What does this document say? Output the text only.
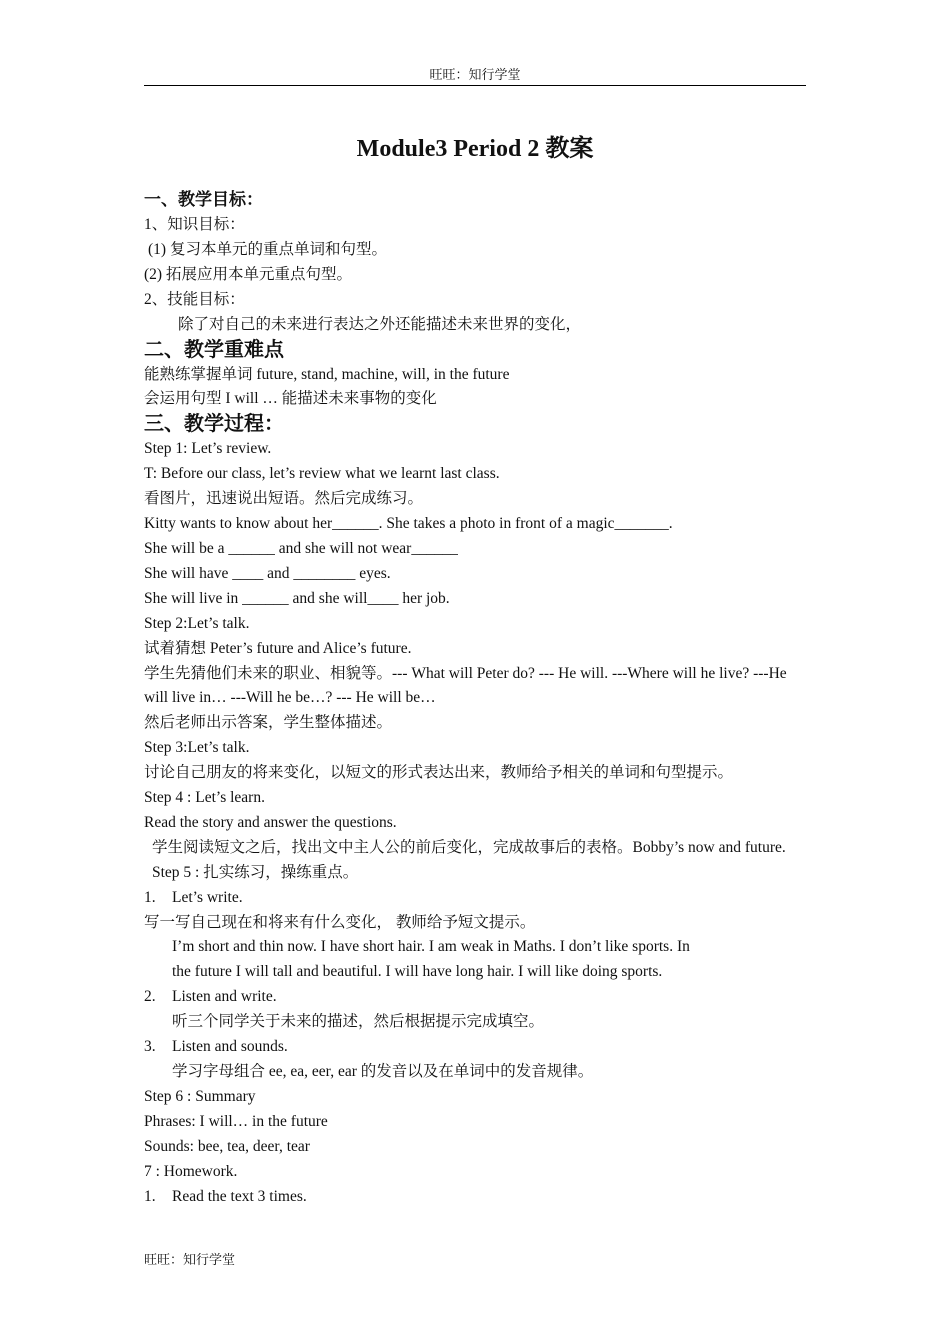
旺旺：知行学堂
Module3 Period 2 教案

一、教学目标：

1、知识目标：

(1) 复习本单元的重点单词和句型。

(2) 拓展应用本单元重点句型。

2、技能目标：

除了对自己的未来进行表达之外还能描述未来世界的变化，

二、教学重难点

能熟练掌握单词 future, stand, machine, will, in the future

会运用句型 I will … 能描述未来事物的变化

三、教学过程：

Step 1: Let’s review.

T: Before our class, let’s review what we learnt last class.

看图片，迅速说出短语。然后完成练习。

Kitty wants to know about her______. She takes a photo in front of a magic_______.

She will be a ______ and she will not wear______

She will have ____ and ________ eyes.

She will live in ______ and she will____ her job.

Step 2:Let’s talk.

试着猜想 Peter’s future and Alice’s future.

学生先猜他们未来的职业、相貌等。--- What will Peter do? --- He will. ---Where will he live? ---He will live in… ---Will he be…? --- He will be…

然后老师出示答案，学生整体描述。

Step 3:Let’s talk.

讨论自己朋友的将来变化，以短文的形式表达出来，教师给予相关的单词和句型提示。

Step 4 : Let’s learn.

Read the story and answer the questions.

学生阅读短文之后，找出文中主人公的前后变化，完成故事后的表格。Bobby’s now and future. Step 5 : 扎实练习，操练重点。

1. Let’s write.

写一写自己现在和将来有什么变化， 教师给予短文提示。

I’m short and thin now. I have short hair. I am weak in Maths. I don’t like sports. In

the future I will tall and beautiful. I will have long hair. I will like doing sports.

2. Listen and write.

听三个同学关于未来的描述，然后根据提示完成填空。

3. Listen and sounds.

学习字母组合 ee, ea, eer, ear 的发音以及在单词中的发音规律。

Step 6 : Summary

Phrases: I will… in the future

Sounds: bee, tea, deer, tear

7 : Homework.

1. Read the text 3 times.

旺旺：知行学堂
